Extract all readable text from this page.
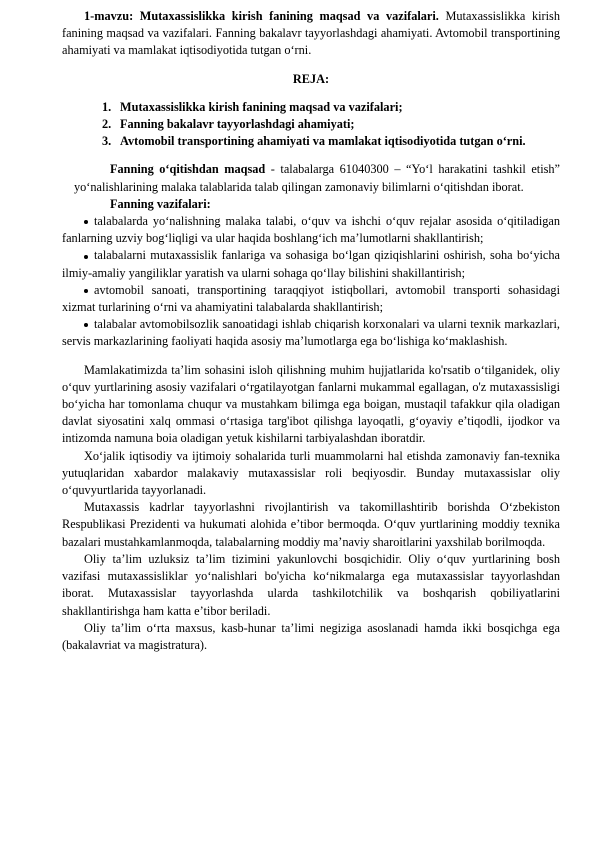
1-mavzu: Mutaxassislikka kirish fanining maqsad va vazifalari. Mutaxassislikka kirish fanining maqsad va vazifalari. Fanning bakalavr tayyorlashdagi ahamiyati. Avtomobil transportining ahamiyati va mamlakat iqtisodiyotida tutgan o‘rni.

REJA:

1. Mutaxassislikka kirish fanining maqsad va vazifalari;
2. Fanning bakalavr tayyorlashdagi ahamiyati;
3. Avtomobil transportining ahamiyati va mamlakat iqtisodiyotida tutgan o‘rni.

Fanning o‘qitishdan maqsad - talabalarga 61040300 – “Yo‘l harakatini tashkil etish” yo‘nalishlarining malaka talablarida talab qilingan zamonaviy bilimlarni o‘qitishdan iborat.

Fanning vazifalari:

talabalarda yo‘nalishning malaka talabi, o‘quv va ishchi o‘quv rejalar asosida o‘qitiladigan fanlarning uzviy bog‘liqligi va ular haqida boshlang‘ich ma’lumotlarni shakllantirish;

talabalarni mutaxassislik fanlariga va sohasiga bo‘lgan qiziqishlarini oshirish, soha bo‘yicha ilmiy-amaliy yangiliklar yaratish va ularni sohaga qo‘llay bilishini shakillantirish;

avtomobil sanoati, transportining taraqqiyot istiqbollari, avtomobil transporti sohasidagi xizmat turlarining o‘rni va ahamiyatini talabalarda shakllantirish;

talabalar avtomobilsozlik sanoatidagi ishlab chiqarish korxonalari va ularni texnik markazlari, servis markazlarining faoliyati haqida asosiy ma’lumotlarga ega bo‘lishiga ko‘maklashish.

Mamlakatimizda ta’lim sohasini isloh qilishning muhim hujjatlarida ko'rsatib o‘tilganidek, oliy o‘quv yurtlarining asosiy vazifalari o‘rgatilayotgan fanlarni mukammal egallagan, o'z mutaxassisligi bo‘yicha har tomonlama chuqur va mustahkam bilimga ega boigan, mustaqil tafakkur qila oladigan davlat siyosatini xalq ommasi o‘rtasiga targ'ibot qilishga layoqatli, g‘oyaviy e’tiqodli, ijodkor va intizomda namuna boia oladigan yetuk kishilarni tarbiyalashdan iboratdir.

Xo‘jalik iqtisodiy va ijtimoiy sohalarida turli muammolarni hal etishda zamonaviy fan-texnika yutuqlaridan xabardor malakaviy mutaxassislar roli beqiyosdir. Bunday mutaxassislar oliy o‘quvyurtlarida tayyorlanadi.

Mutaxassis kadrlar tayyorlashni rivojlantirish va takomillashtirib borishda O‘zbekiston Respublikasi Prezidenti va hukumati alohida e’tibor bermoqda. O‘quv yurtlarining moddiy texnika bazalari mustahkamlanmoqda, talabalarning moddiy ma’naviy sharoitlarini yaxshilab borilmoqda.

Oliy ta’lim uzluksiz ta’lim tizimini yakunlovchi bosqichidir. Oliy o‘quv yurtlarining bosh vazifasi mutaxassisliklar yo‘nalishlari bo'yicha ko‘nikmalarga ega mutaxassislar tayyorlashdan iborat. Mutaxassislar tayyorlashda ularda tashkilotchilik va boshqarish qobiliyatlarini shakllantirishga ham katta e’tibor beriladi.

Oliy ta’lim o‘rta maxsus, kasb-hunar ta’limi negiziga asoslanadi hamda ikki bosqichga ega (bakalavriat va magistratura).
